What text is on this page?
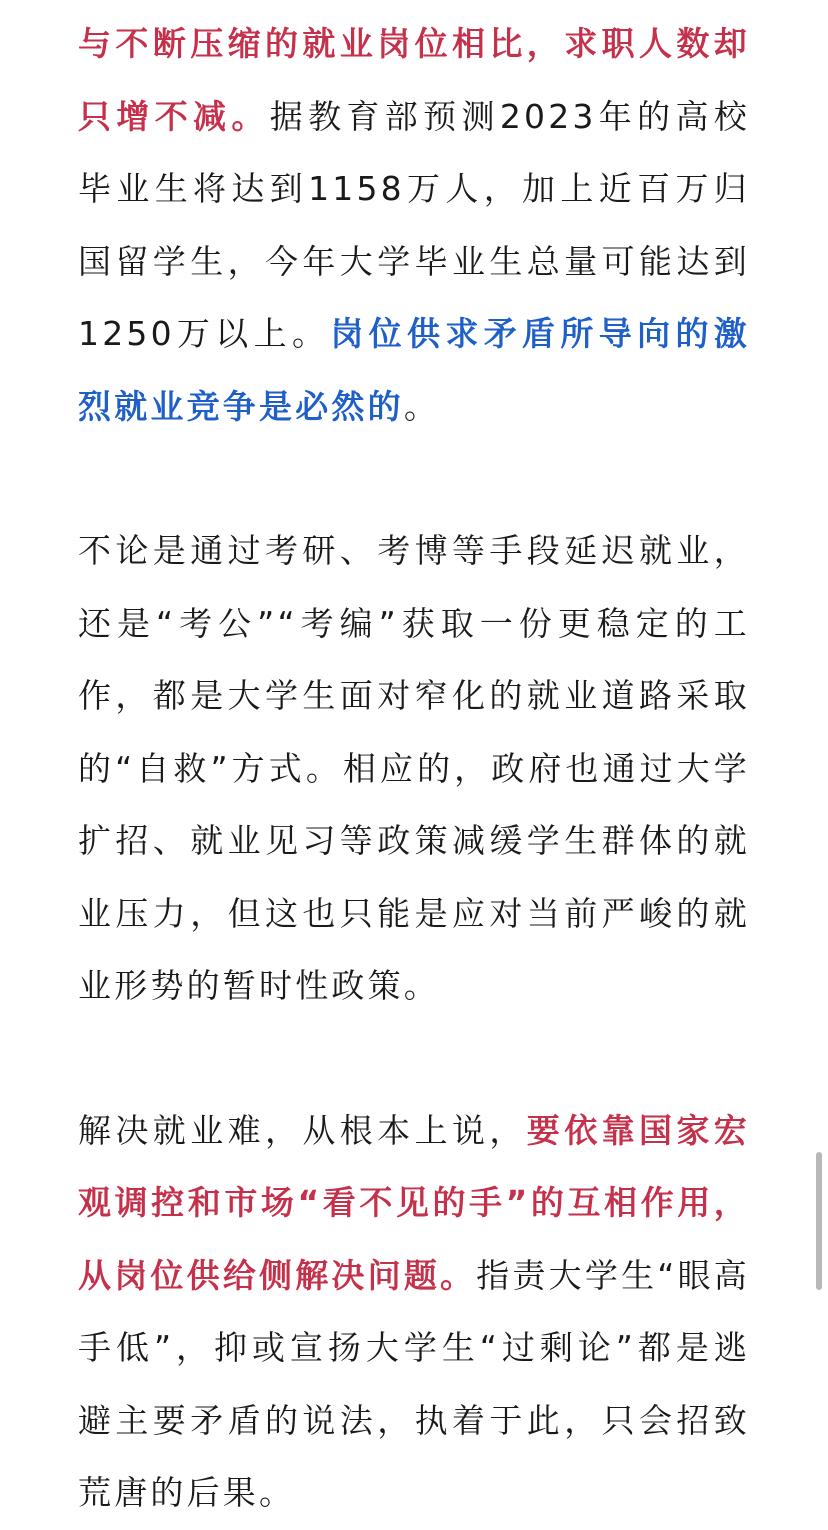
与不断压缩的就业岗位相比，求职人数却只增不减。据教育部预测2023年的高校毕业生将达到1158万人，加上近百万归国留学生，今年大学毕业生总量可能达到1250万以上。岗位供求矛盾所导向的激烈就业竞争是必然的。

不论是通过考研、考博等手段延迟就业，还是“考公”“考编”获取一份更稳定的工作，都是大学生面对窄化的就业道路采取的“自救”方式。相应的，政府也通过大学扩招、就业见习等政策减缓学生群体的就业压力，但这也只能是应对当前严峻的就业形势的暂时性政策。

解决就业难，从根本上说，要依靠国家宏观调控和市场“看不见的手”的互相作用，从岗位供给侧解决问题。指责大学生“眼高手低”，抑或宣扬大学生“过剩论”都是逃避主要矛盾的说法，执着于此，只会招致荒唐的后果。
